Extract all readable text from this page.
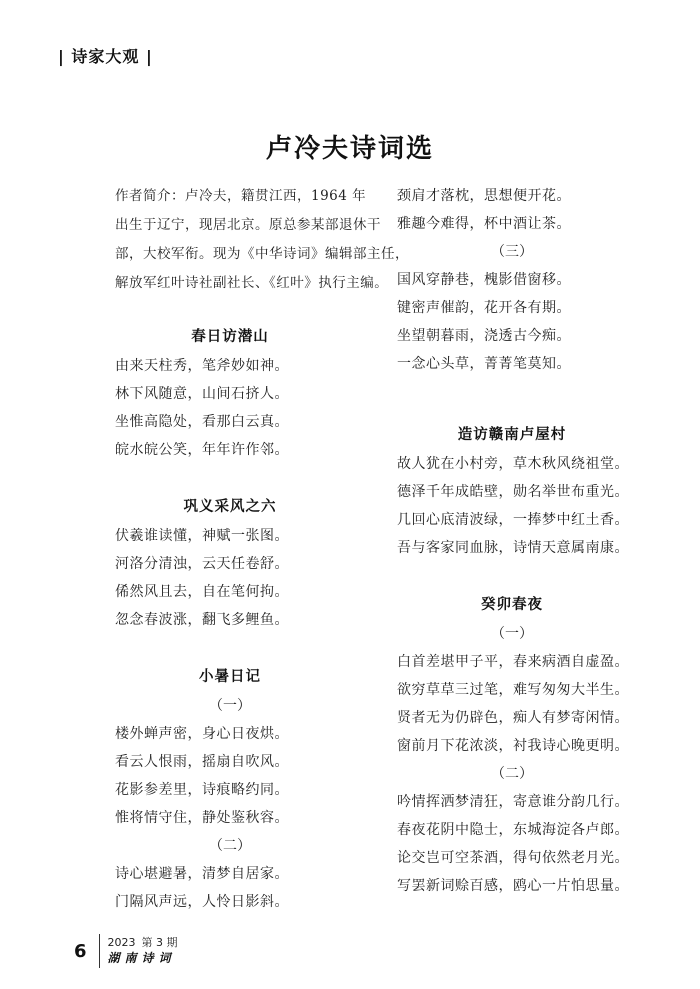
| 诗家大观 |
卢冷夫诗词选

作者简介：卢冷夫，籍贯江西，1964 年

出生于辽宁，现居北京。原总参某部退休干

部，大校军衔。现为《中华诗词》编辑部主任，

解放军红叶诗社副社长、《红叶》执行主编。

春日访潜山
由来天柱秀，笔斧妙如神。
林下风随意，山间石挤人。
坐惟高隐处，看那白云真。
皖水皖公笑，年年许作邻。
巩义采风之六
伏羲谁读懂，神赋一张图。
河洛分清浊，云天任卷舒。
俙然风且去，自在笔何拘。
忽念春波涨，翻飞多鲤鱼。
小暑日记
（一）
楼外蝉声密，身心日夜烘。
看云人恨雨，摇扇自吹风。
花影参差里，诗痕略约同。
惟将情守住，静处鉴秋容。
（二）
诗心堪避暑，清梦自居家。
门隔风声远，人怜日影斜。
颈肩才落枕，思想便开花。
雅趣今难得，杯中酒让茶。
（三）
国风穿静巷，槐影借窗移。
键密声催韵，花开各有期。
坐望朝暮雨，浇透古今痴。
一念心头草，菁菁笔莫知。
造访赣南卢屋村
故人犹在小村旁，草木秋风绕祖堂。
德泽千年成皓壁，勋名举世布重光。
几回心底清波绿，一捧梦中红土香。
吾与客家同血脉，诗情天意属南康。
癸卯春夜
（一）
白首差堪甲子平，春来病酒自虚盈。
欲穷草草三过笔，难写匆匆大半生。
贤者无为仍辟色，痴人有梦寄闲情。
窗前月下花浓淡，衬我诗心晚更明。
（二）
吟情挥洒梦清狂，寄意谁分韵几行。
春夜花阴中隐士，东城海淀各卢郎。
论交岂可空茶酒，得句依然老月光。
写罢新词赊百感，鸥心一片怕思量。
6 2023 第 3 期
湖南诗词
